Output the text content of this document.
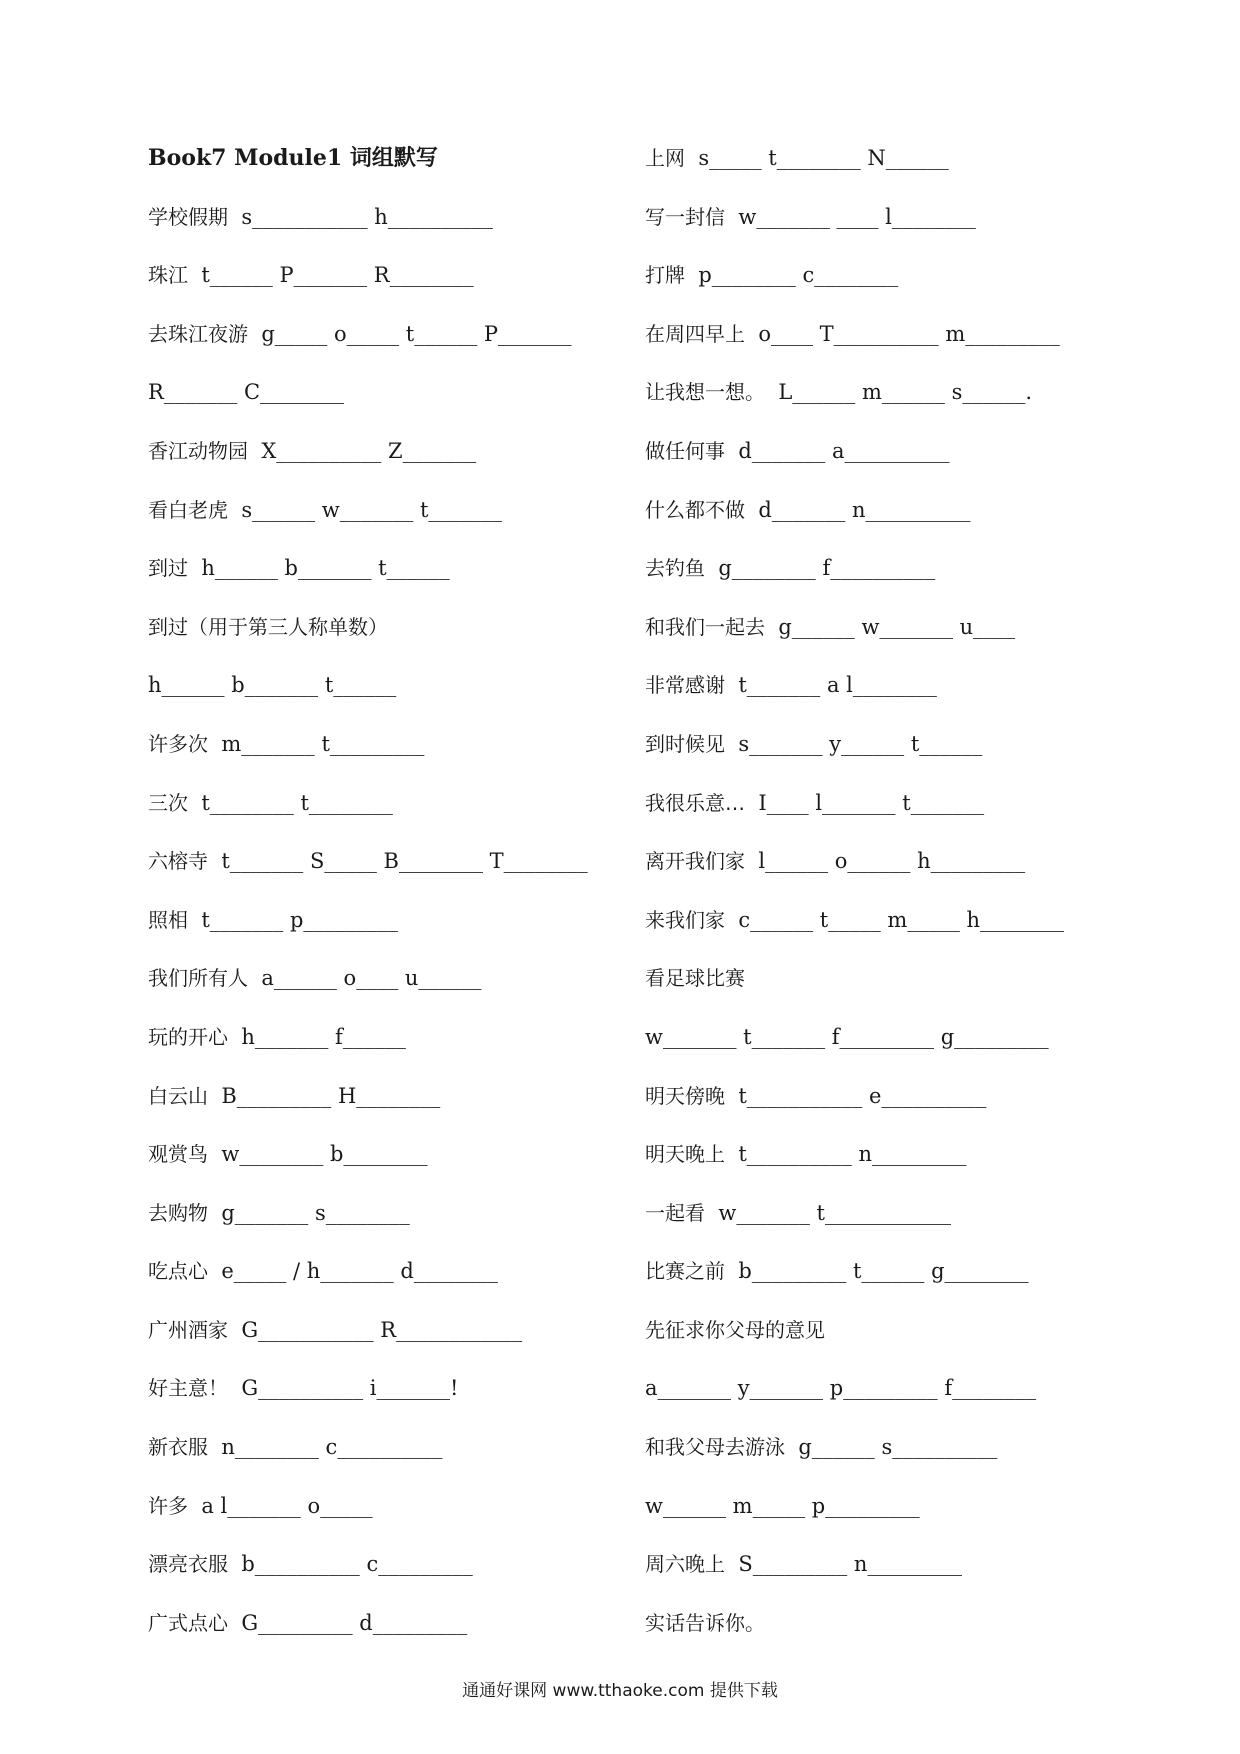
Book7 Module1 词组默写
学校假期 s___________ h__________
珠江 t______ P_______ R________
去珠江夜游 g_____ o_____ t______ P_______
R_______ C________
香江动物园 X__________ Z_______
看白老虎 s______ w_______ t_______
到过 h______ b_______ t______
到过（用于第三人称单数）
h______ b_______ t______
许多次 m_______ t_________
三次 t________ t________
六榕寺 t_______ S_____ B________ T________
照相 t_______ p_________
我们所有人 a______ o____ u______
玩的开心 h_______ f______
白云山 B_________ H________
观赏鸟 w________ b________
去购物 g_______ s________
吃点心 e_____ / h_______ d________
广州酒家 G___________ R____________
好主意！ G__________ i_______!
新衣服 n________ c__________
许多 a l_______ o_____
漂亮衣服 b__________ c_________
广式点心 G_________ d_________
上网 s_____ t________ N______
写一封信 w_______ ____ l________
打牌 p________ c________
在周四早上 o____ T__________ m_________
让我想一想。 L______ m______ s______.
做任何事 d_______ a__________
什么都不做 d_______ n__________
去钓鱼 g________ f__________
和我们一起去 g______ w_______ u____
非常感谢 t_______ a l________
到时候见 s_______ y______ t______
我很乐意… I____ l_______ t_______
离开我们家 l______ o______ h_________
来我们家 c______ t_____ m_____ h________
看足球比赛
w_______ t_______ f_________ g_________
明天傍晚 t___________ e__________
明天晚上 t__________ n_________
一起看 w_______ t____________
比赛之前 b_________ t______ g________
先征求你父母的意见
a_______ y_______ p_________ f________
和我父母去游泳 g______ s__________
w______ m_____ p_________
周六晚上 S_________ n_________
实话告诉你。
通通好课网 www.tthaoke.com 提供下载
